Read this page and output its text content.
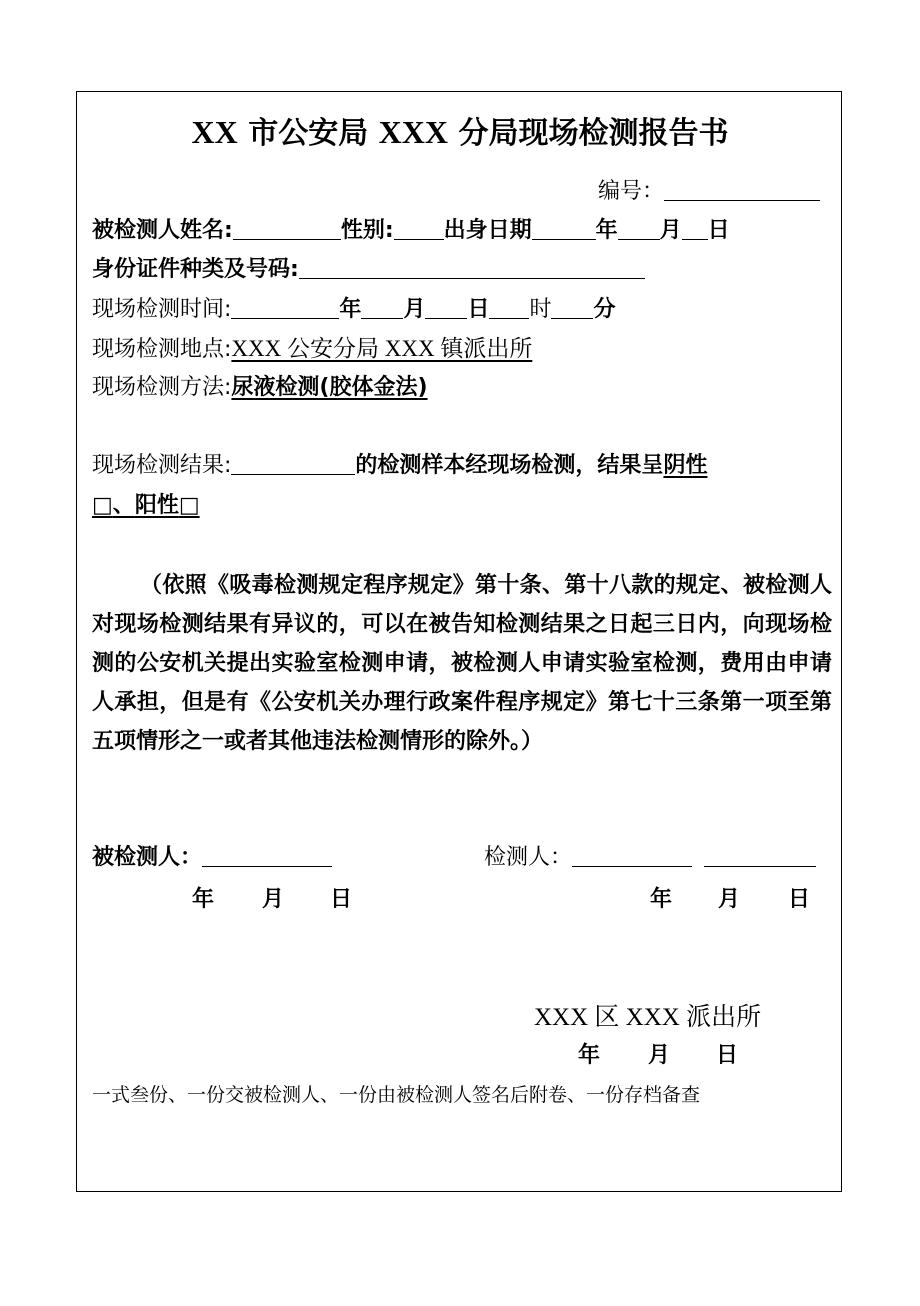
XX 市公安局 XXX 分局现场检测报告书
编号：
被检测人姓名:	性别: 出身日期	年 月 日
身份证件种类及号码:
现场检测时间:	年 月 日 时 分
现场检测地点:XXX 公安分局 XXX 镇派出所
现场检测方法:尿液检测(胶体金法)
现场检测结果:	的检测样本经现场检测，结果呈阴性
□、阳性□
（依照《吸毒检测规定程序规定》第十条、第十八款的规定、被检测人对现场检测结果有异议的，可以在被告知检测结果之日起三日内，向现场检测的公安机关提出实验室检测申请，被检测人申请实验室检测，费用由申请人承担，但是有《公安机关办理行政案件程序规定》第七十三条第一项至第五项情形之一或者其他违法检测情形的除外。）
被检测人：	检测人：
年 月 日	年 月 日
XXX 区 XXX 派出所
年 月 日
一式叁份、一份交被检测人、一份由被检测人签名后附卷、一份存档备查
